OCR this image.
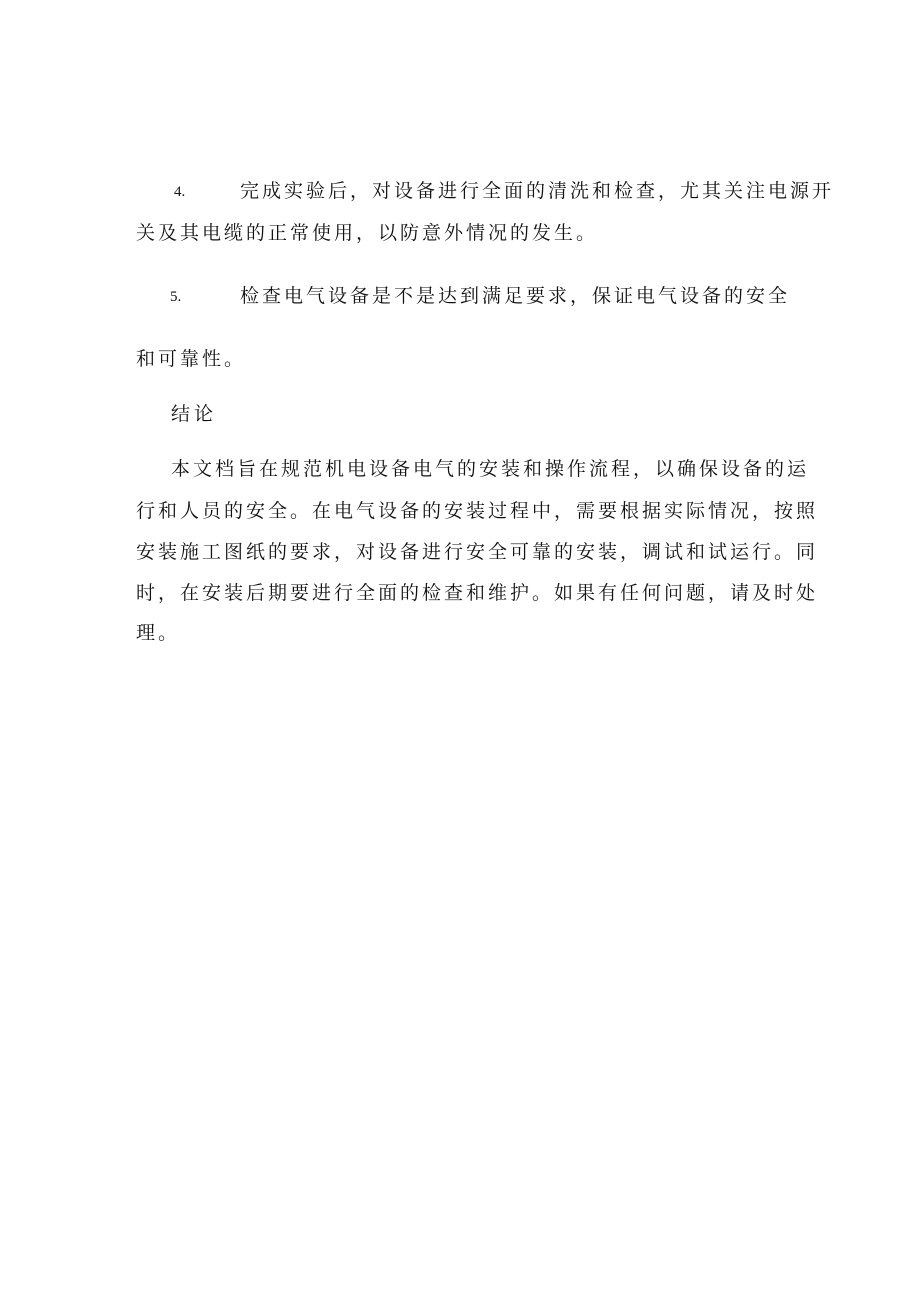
4.	完成实验后，对设备进行全面的清洗和检查，尤其关注电源开
关及其电缆的正常使用，以防意外情况的发生。
5.	检查电气设备是不是达到满足要求，保证电气设备的安全
和可靠性。
结论
本文档旨在规范机电设备电气的安装和操作流程，以确保设备的运
行和人员的安全。在电气设备的安装过程中，需要根据实际情况，按照
安装施工图纸的要求，对设备进行安全可靠的安装，调试和试运行。同
时，在安装后期要进行全面的检查和维护。如果有任何问题，请及时处
理。
